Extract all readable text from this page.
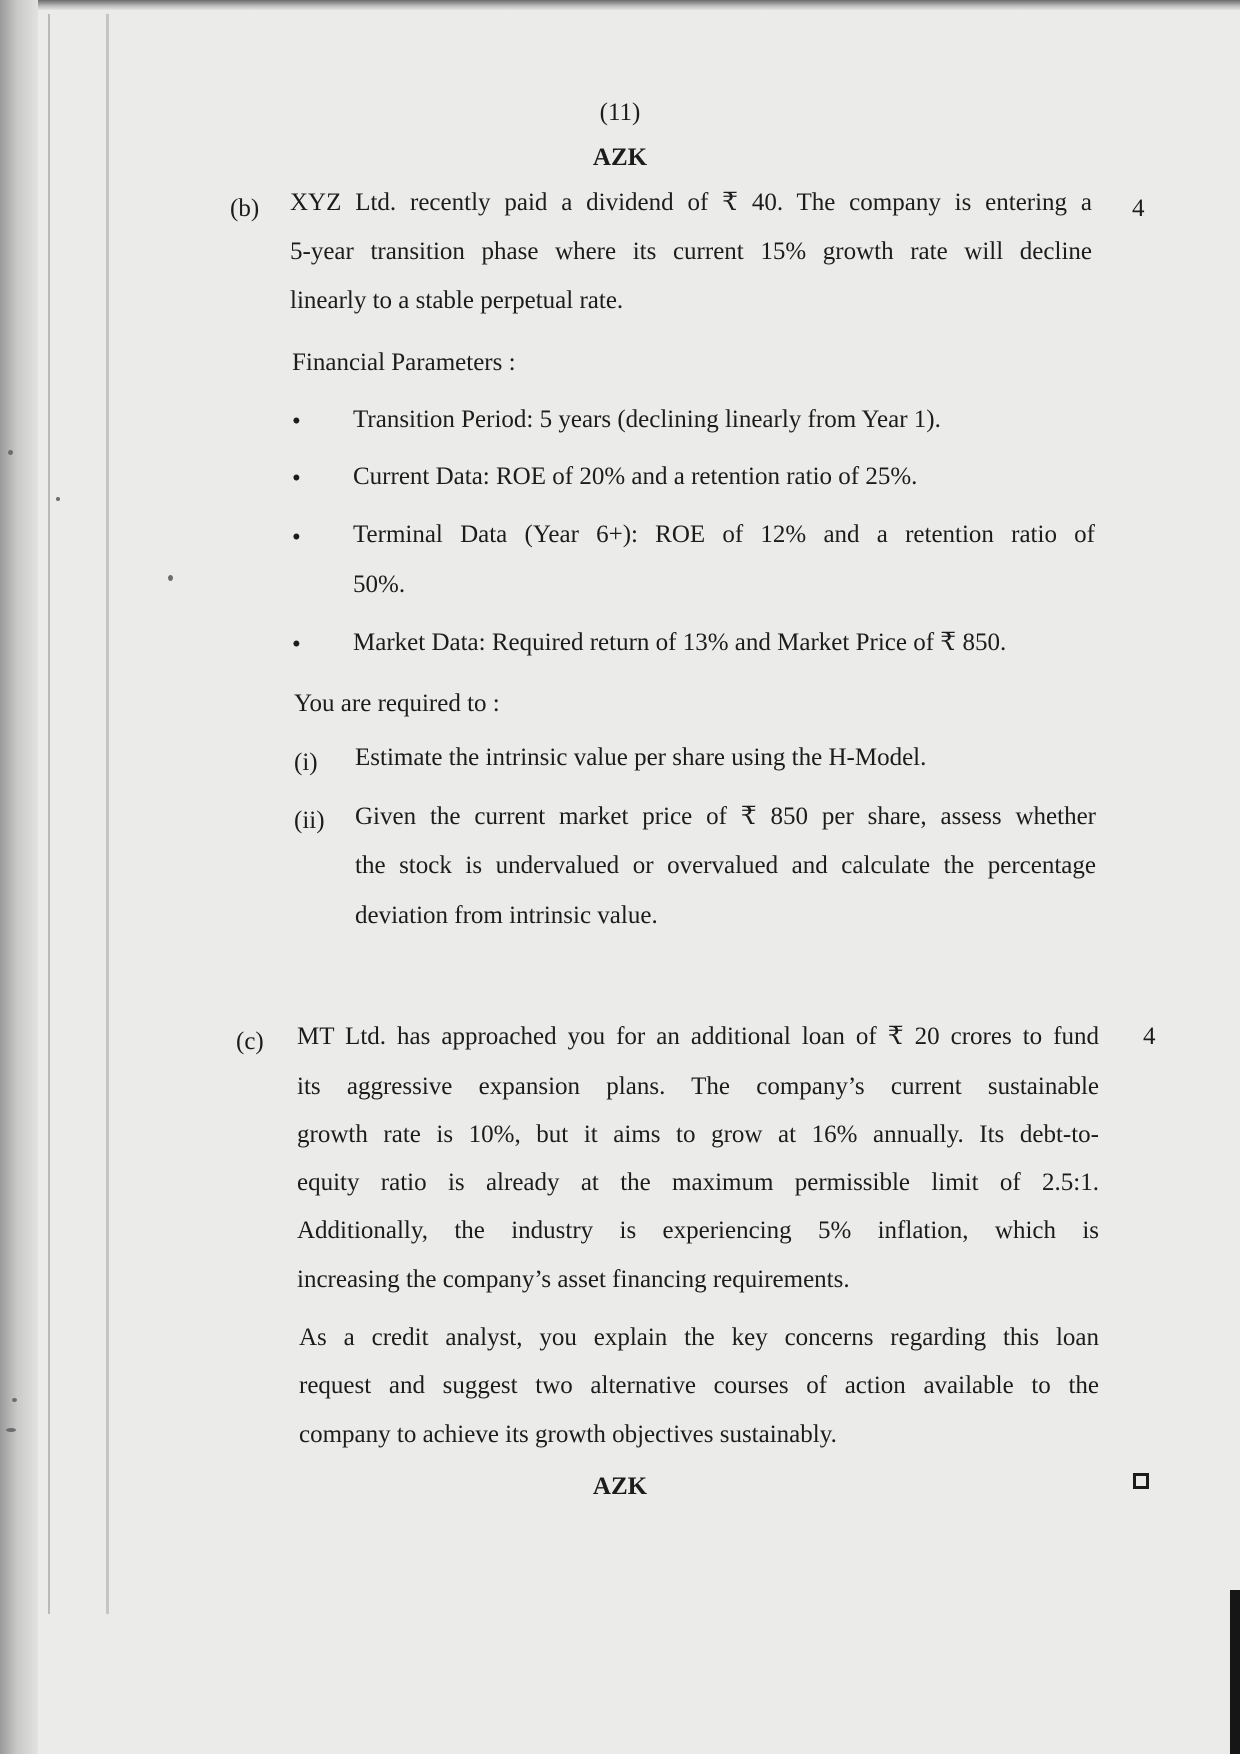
(11)
AZK
(b)	4
XYZ Ltd. recently paid a dividend of ₹ 40. The company is entering a
5-year transition phase where its current 15% growth rate will decline
linearly to a stable perpetual rate.
Financial Parameters :
• Transition Period: 5 years (declining linearly from Year 1).
• Current Data: ROE of 20% and a retention ratio of 25%.
• Terminal Data (Year 6+): ROE of 12% and a retention ratio of
50%.
• Market Data: Required return of 13% and Market Price of ₹ 850.
You are required to :
(i) Estimate the intrinsic value per share using the H-Model.
(ii) Given the current market price of ₹ 850 per share, assess whether
the stock is undervalued or overvalued and calculate the percentage
deviation from intrinsic value.
(c)	4
MT Ltd. has approached you for an additional loan of ₹ 20 crores to fund
its aggressive expansion plans. The company’s current sustainable
growth rate is 10%, but it aims to grow at 16% annually. Its debt-to-
equity ratio is already at the maximum permissible limit of 2.5:1.
Additionally, the industry is experiencing 5% inflation, which is
increasing the company’s asset financing requirements.
As a credit analyst, you explain the key concerns regarding this loan
request and suggest two alternative courses of action available to the
company to achieve its growth objectives sustainably.
AZK
